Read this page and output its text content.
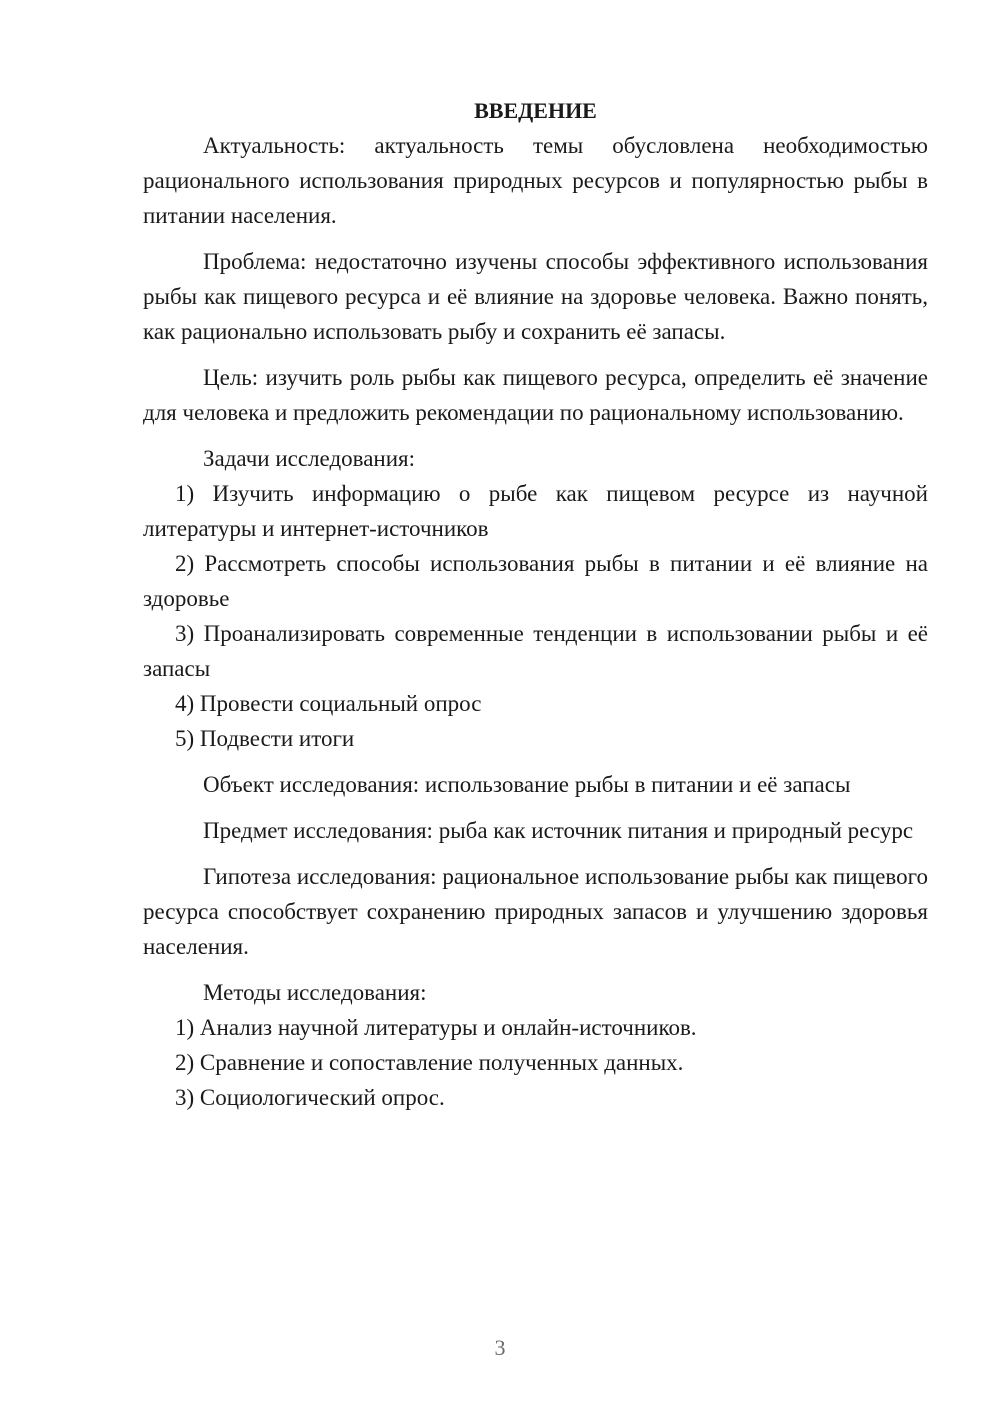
ВВЕДЕНИЕ

Актуальность: актуальность темы обусловлена необходимостью рационального использования природных ресурсов и популярностью рыбы в питании населения.

Проблема: недостаточно изучены способы эффективного использования рыбы как пищевого ресурса и её влияние на здоровье человека. Важно понять, как рационально использовать рыбу и сохранить её запасы.

Цель: изучить роль рыбы как пищевого ресурса, определить её значение для человека и предложить рекомендации по рациональному использованию.

Задачи исследования:

1) Изучить информацию о рыбе как пищевом ресурсе из научной литературы и интернет-источников

2) Рассмотреть способы использования рыбы в питании и её влияние на здоровье

3) Проанализировать современные тенденции в использовании рыбы и её запасы

4) Провести социальный опрос

5) Подвести итоги

Объект исследования: использование рыбы в питании и её запасы

Предмет исследования: рыба как источник питания и природный ресурс

Гипотеза исследования: рациональное использование рыбы как пищевого ресурса способствует сохранению природных запасов и улучшению здоровья населения.

Методы исследования:

1) Анализ научной литературы и онлайн-источников.

2) Сравнение и сопоставление полученных данных.

3) Социологический опрос.

3
